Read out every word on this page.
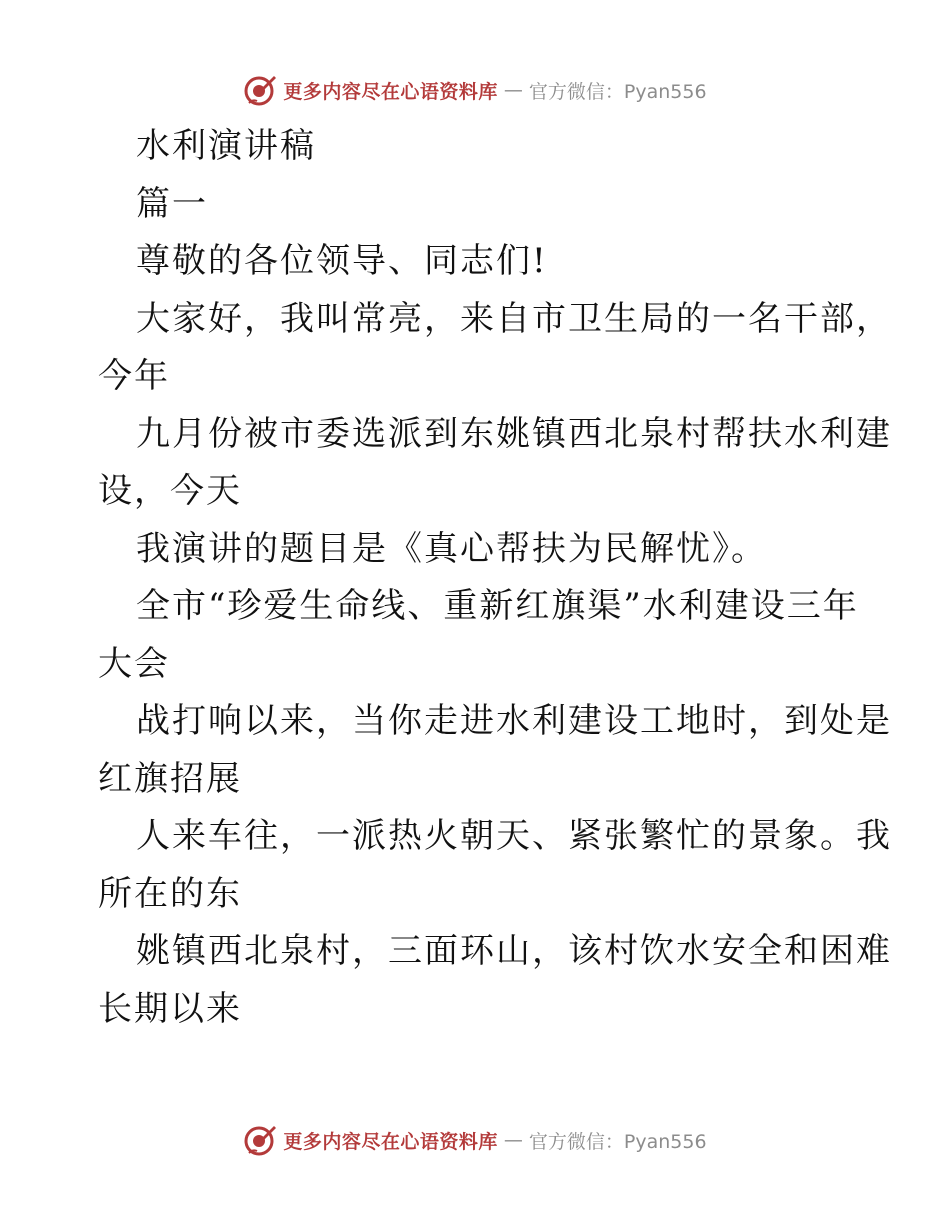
更多内容尽在心语资料库 — 官方微信：Pyan556
水利演讲稿
篇一
尊敬的各位领导、同志们!
大家好，我叫常亮，来自市卫生局的一名干部，
今年
九月份被市委选派到东姚镇西北泉村帮扶水利建
设，今天
我演讲的题目是《真心帮扶为民解忧》。
全市“珍爱生命线、重新红旗渠”水利建设三年
大会
战打响以来，当你走进水利建设工地时，到处是
红旗招展
人来车往，一派热火朝天、紧张繁忙的景象。我
所在的东
姚镇西北泉村，三面环山，该村饮水安全和困难
长期以来
更多内容尽在心语资料库 — 官方微信：Pyan556
